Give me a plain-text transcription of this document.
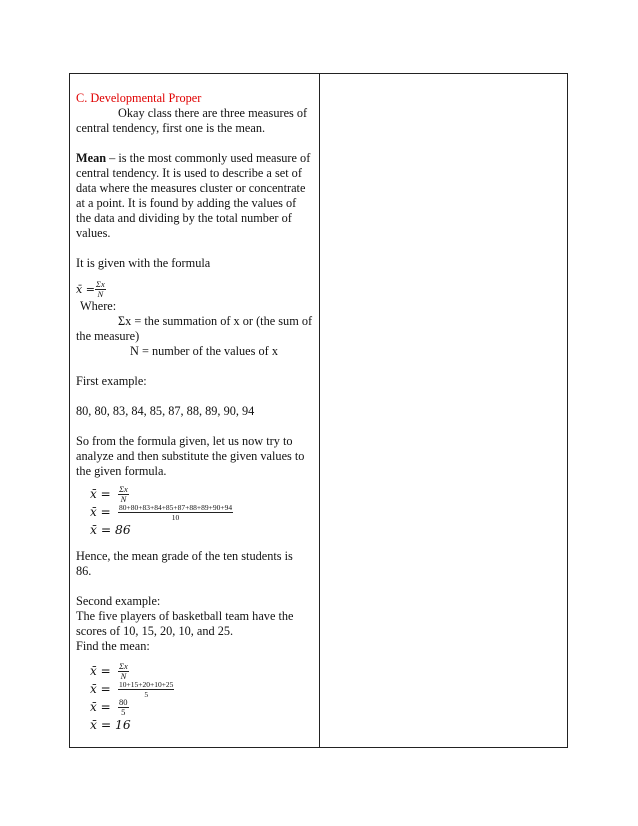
C. Developmental Proper
Okay class there are three measures of
central tendency, first one is the mean.
Mean – is the most commonly used measure of
central tendency. It is used to describe a set of
data where the measures cluster or concentrate
at a point. It is found by adding the values of
the data and dividing by the total number of
values.
It is given with the formula
x̄ = $\frac{\Sigma x}{N}$
Where:
Σx = the summation of x or (the sum of
the measure)
N = number of the values of x
First example:
80, 80, 83, 84, 85, 87, 88, 89, 90, 94
So from the formula given, let us now try to
analyze and then substitute the given values to
the given formula.
x̄ = $\frac{\Sigma x}{N}$
x̄ = $\frac{80+80+83+84+85+87+88+89+90+94}{10}$
x̄ = 86
Hence, the mean grade of the ten students is
86.
Second example:
The five players of basketball team have the
scores of 10, 15, 20, 10, and 25.
Find the mean:
x̄ = $\frac{\Sigma x}{N}$
x̄ = $\frac{10+15+20+10+25}{5}$
x̄ = $\frac{80}{5}$
x̄ = 16
